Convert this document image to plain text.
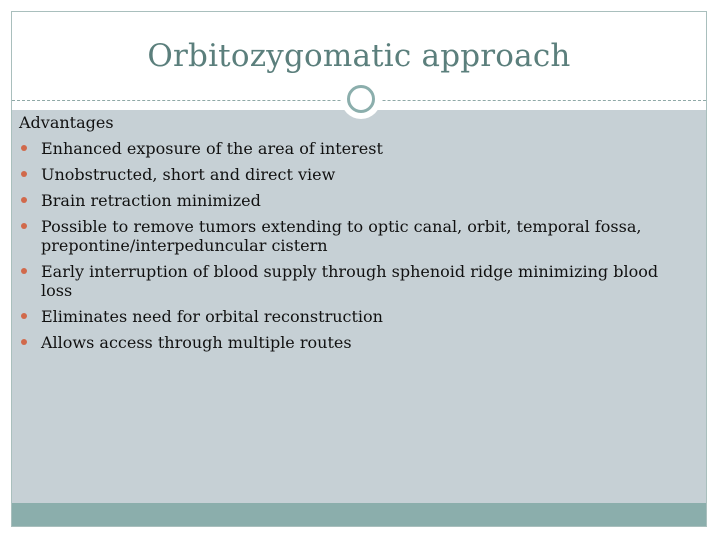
Orbitozygomatic approach
Advantages
Enhanced exposure of the area of interest
Unobstructed, short and direct view
Brain retraction minimized
Possible to remove tumors extending to optic canal, orbit, temporal fossa, prepontine/interpeduncular cistern
Early interruption of blood supply through sphenoid ridge minimizing blood loss
Eliminates need for orbital reconstruction
Allows access through multiple routes
